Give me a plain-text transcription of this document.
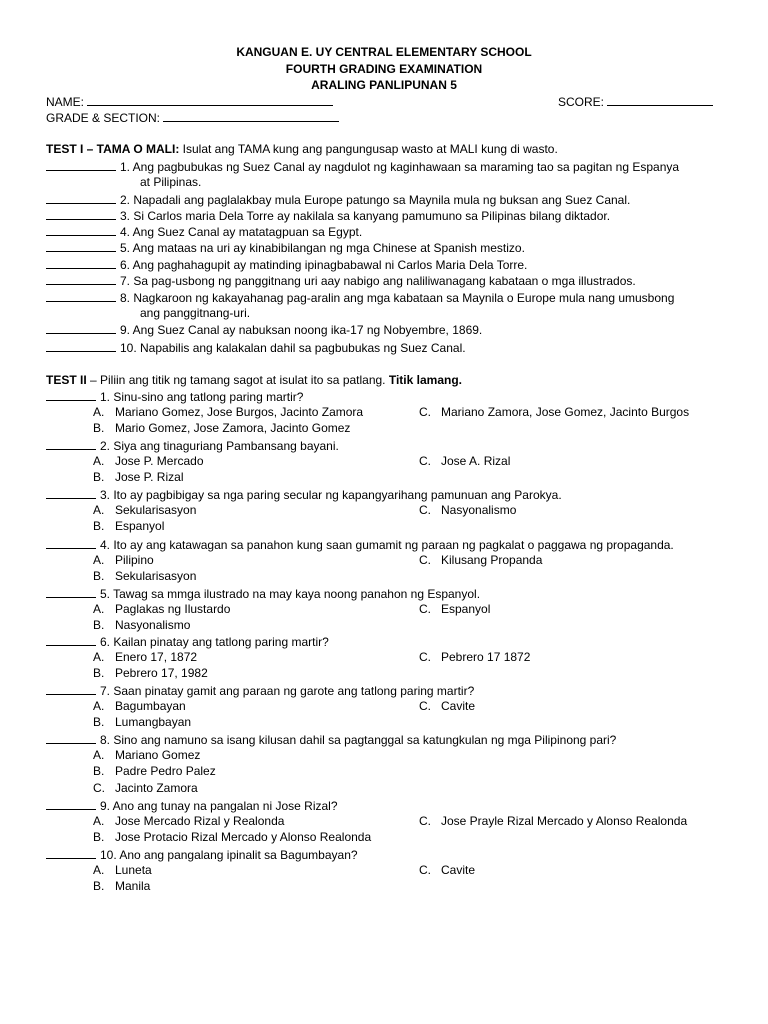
KANGUAN E. UY CENTRAL ELEMENTARY SCHOOL
FOURTH GRADING EXAMINATION
ARALING PANLIPUNAN 5
NAME:	SCORE:
GRADE & SECTION:
TEST I – TAMA O MALI: Isulat ang TAMA kung ang pangungusap wasto at MALI kung di wasto.
1. Ang pagbubukas ng Suez Canal ay nagdulot ng kaginhawaan sa maraming tao sa pagitan ng Espanya
at Pilipinas.
2. Napadali ang paglalakbay mula Europe patungo sa Maynila mula ng buksan ang Suez Canal.
3. Si Carlos maria Dela Torre ay nakilala sa kanyang pamumuno sa Pilipinas bilang diktador.
4. Ang Suez Canal ay matatagpuan sa Egypt.
5. Ang mataas na uri ay kinabibilangan ng mga Chinese at Spanish mestizo.
6. Ang paghahagupit ay matinding ipinagbabawal ni Carlos Maria Dela Torre.
7. Sa pag-usbong ng panggitnang uri aay nabigo ang naliliwanagang kabataan o mga illustrados.
8. Nagkaroon ng kakayahanag pag-aralin ang mga kabataan sa Maynila o Europe mula nang umusbong
ang panggitnang-uri.
9. Ang Suez Canal ay nabuksan noong ika-17 ng Nobyembre, 1869.
10. Napabilis ang kalakalan dahil sa pagbubukas ng Suez Canal.
TEST II – Piliin ang titik ng tamang sagot at isulat ito sa patlang. Titik lamang.
1. Sinu-sino ang tatlong paring martir?
A. Mariano Gomez, Jose Burgos, Jacinto Zamora
B. Mario Gomez, Jose Zamora, Jacinto Gomez
C. Mariano Zamora, Jose Gomez, Jacinto Burgos
2. Siya ang tinaguriang Pambansang bayani.
A. Jose P. Mercado
B. Jose P. Rizal
C. Jose A. Rizal
3. Ito ay pagbibigay sa nga paring secular ng kapangyarihang pamunuan ang Parokya.
A. Sekularisasyon
B. Espanyol
C. Nasyonalismo
4. Ito ay ang katawagan sa panahon kung saan gumamit ng paraan ng pagkalat o paggawa ng propaganda.
A. Pilipino
B. Sekularisasyon
C. Kilusang Propanda
5. Tawag sa mmga ilustrado na may kaya noong panahon ng Espanyol.
A. Paglakas ng Ilustardo
B. Nasyonalismo
C. Espanyol
6. Kailan pinatay ang tatlong paring martir?
A. Enero 17, 1872
B. Pebrero 17, 1982
C. Pebrero 17 1872
7. Saan pinatay gamit ang paraan ng garote ang tatlong paring martir?
A. Bagumbayan
B. Lumangbayan
C. Cavite
8. Sino ang namuno sa isang kilusan dahil sa pagtanggal sa katungkulan ng mga Pilipinong pari?
A. Mariano Gomez
B. Padre Pedro Palez
C. Jacinto Zamora
9. Ano ang tunay na pangalan ni Jose Rizal?
A. Jose Mercado Rizal y Realonda
B. Jose Protacio Rizal Mercado y Alonso Realonda
C. Jose Prayle Rizal Mercado y Alonso Realonda
10. Ano ang pangalang ipinalit sa Bagumbayan?
A. Luneta
B. Manila
C. Cavite
